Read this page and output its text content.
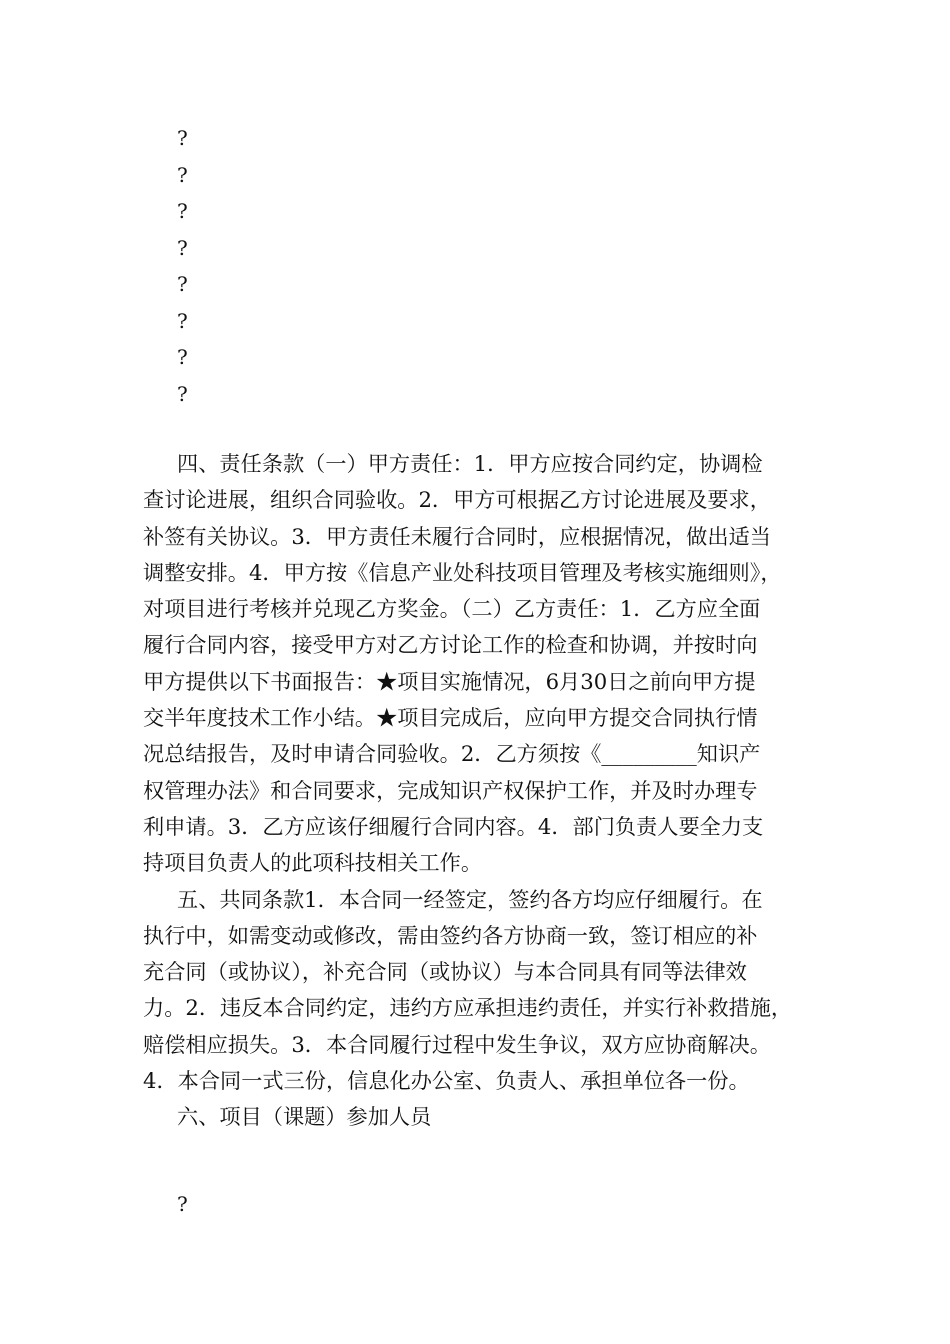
?
?
?
?
?
?
?
?
四、责任条款（一）甲方责任：1．甲方应按合同约定，协调检
查讨论进展，组织合同验收。2．甲方可根据乙方讨论进展及要求，
补签有关协议。3．甲方责任未履行合同时，应根据情况，做出适当
调整安排。4．甲方按《信息产业处科技项目管理及考核实施细则》，
对项目进行考核并兑现乙方奖金。（二）乙方责任：1．乙方应全面
履行合同内容，接受甲方对乙方讨论工作的检查和协调，并按时向
甲方提供以下书面报告：★项目实施情况，6月30日之前向甲方提
交半年度技术工作小结。★项目完成后，应向甲方提交合同执行情
况总结报告，及时申请合同验收。2．乙方须按《_________知识产
权管理办法》和合同要求，完成知识产权保护工作，并及时办理专
利申请。3．乙方应该仔细履行合同内容。4．部门负责人要全力支
持项目负责人的此项科技相关工作。
五、共同条款1．本合同一经签定，签约各方均应仔细履行。在
执行中，如需变动或修改，需由签约各方协商一致，签订相应的补
充合同（或协议），补充合同（或协议）与本合同具有同等法律效
力。2．违反本合同约定，违约方应承担违约责任，并实行补救措施，
赔偿相应损失。3．本合同履行过程中发生争议，双方应协商解决。
4．本合同一式三份，信息化办公室、负责人、承担单位各一份。
六、项目（课题）参加人员
?
